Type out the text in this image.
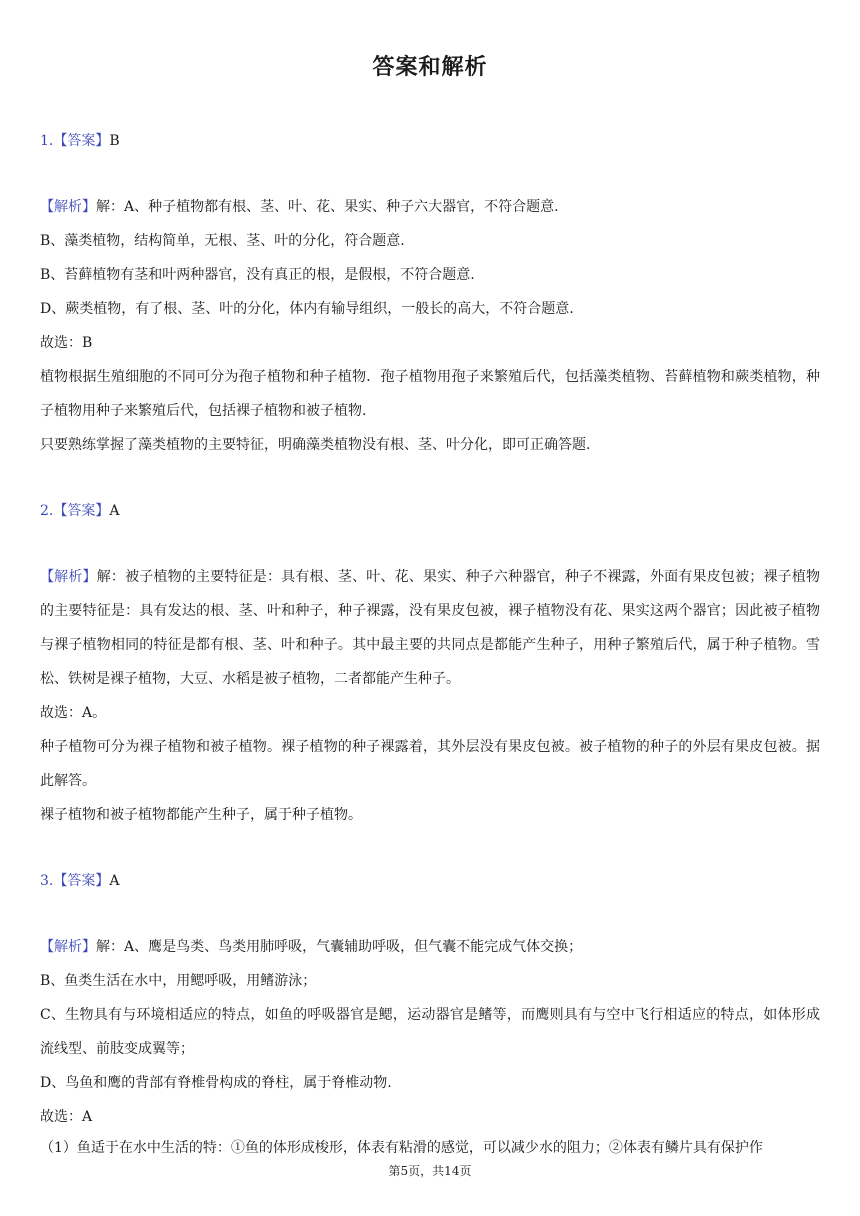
答案和解析

1.【答案】B

【解析】解：A、种子植物都有根、茎、叶、花、果实、种子六大器官，不符合题意.

B、藻类植物，结构简单，无根、茎、叶的分化，符合题意.

B、苔藓植物有茎和叶两种器官，没有真正的根，是假根，不符合题意.

D、蕨类植物，有了根、茎、叶的分化，体内有输导组织，一般长的高大，不符合题意.

故选：B

植物根据生殖细胞的不同可分为孢子植物和种子植物．孢子植物用孢子来繁殖后代，包括藻类植物、苔藓植物和蕨类植物，种子植物用种子来繁殖后代，包括裸子植物和被子植物.

只要熟练掌握了藻类植物的主要特征，明确藻类植物没有根、茎、叶分化，即可正确答题.

2.【答案】A

【解析】解：被子植物的主要特征是：具有根、茎、叶、花、果实、种子六种器官，种子不裸露，外面有果皮包被；裸子植物的主要特征是：具有发达的根、茎、叶和种子，种子裸露，没有果皮包被，裸子植物没有花、果实这两个器官；因此被子植物与裸子植物相同的特征是都有根、茎、叶和种子。其中最主要的共同点是都能产生种子，用种子繁殖后代，属于种子植物。雪松、铁树是裸子植物，大豆、水稻是被子植物，二者都能产生种子。

故选：A。

种子植物可分为裸子植物和被子植物。裸子植物的种子裸露着，其外层没有果皮包被。被子植物的种子的外层有果皮包被。据此解答。

裸子植物和被子植物都能产生种子，属于种子植物。

3.【答案】A

【解析】解：A、鹰是鸟类、鸟类用肺呼吸，气囊辅助呼吸，但气囊不能完成气体交换；

B、鱼类生活在水中，用鳃呼吸，用鳍游泳；

C、生物具有与环境相适应的特点，如鱼的呼吸器官是鳃，运动器官是鳍等，而鹰则具有与空中飞行相适应的特点，如体形成流线型、前肢变成翼等；

D、鸟鱼和鹰的背部有脊椎骨构成的脊柱，属于脊椎动物.

故选：A

（1）鱼适于在水中生活的特：①鱼的体形成梭形，体表有粘滑的感觉，可以减少水的阻力；②体表有鳞片具有保护作
第5页，共14页
